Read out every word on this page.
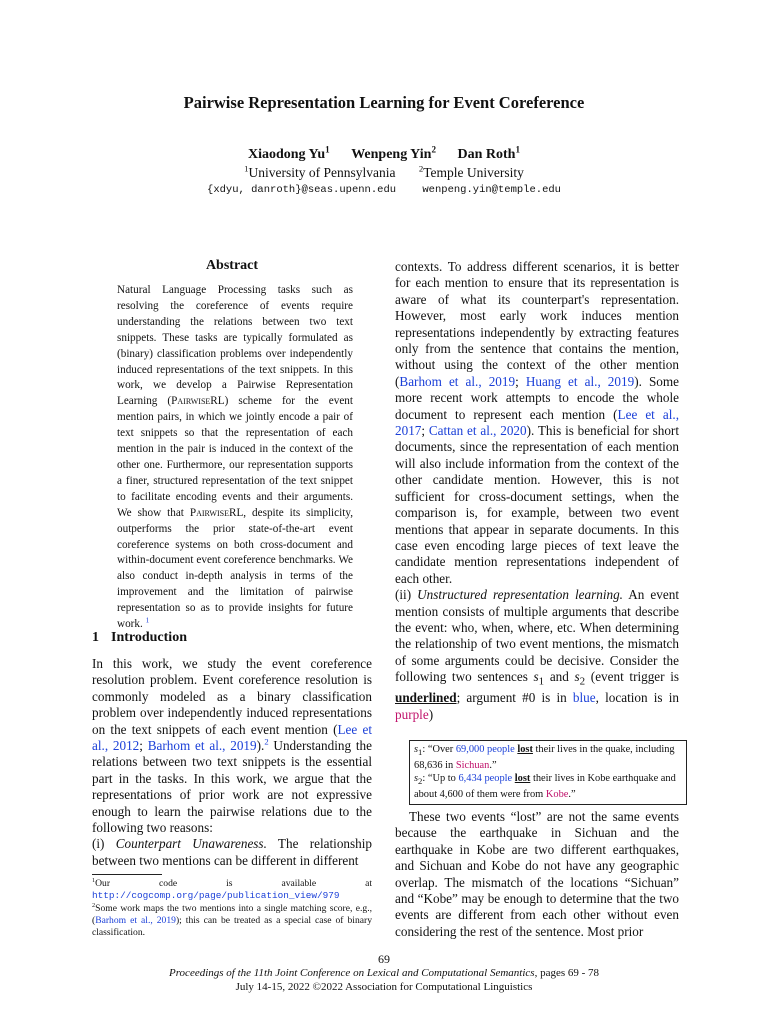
Pairwise Representation Learning for Event Coreference
Xiaodong Yu$^1$ Wenpeng Yin$^2$ Dan Roth$^1$
$^1$University of Pennsylvania	$^2$Temple University
{xdyu, danroth}@seas.upenn.edu	wenpeng.yin@temple.edu
Abstract
Natural Language Processing tasks such as resolving the coreference of events require understanding the relations between two text snippets. These tasks are typically formulated as (binary) classification problems over independently induced representations of the text snippets. In this work, we develop a Pairwise Representation Learning (PairwiseRL) scheme for the event mention pairs, in which we jointly encode a pair of text snippets so that the representation of each mention in the pair is induced in the context of the other one. Furthermore, our representation supports a finer, structured representation of the text snippet to facilitate encoding events and their arguments. We show that PairwiseRL, despite its simplicity, outperforms the prior state-of-the-art event coreference systems on both cross-document and within-document event coreference benchmarks. We also conduct in-depth analysis in terms of the improvement and the limitation of pairwise representation so as to provide insights for future work. $^1$
1 Introduction

In this work, we study the event coreference resolution problem. Event coreference resolution is commonly modeled as a binary classification problem over independently induced representations on the text snippets of each event mention (Lee et al., 2012; Barhom et al., 2019).$^2$ Understanding the relations between two text snippets is the essential part in the tasks. In this work, we argue that the representations of prior work are not expressive enough to learn the pairwise relations due to the following two reasons:

(i) Counterpart Unawareness. The relationship between two mentions can be different in different

$^1$Our code is available at http://cogcomp.org/page/publication_view/979

$^2$Some work maps the two mentions into a single matching score, e.g., (Barhom et al., 2019); this can be treated as a special case of binary classification.

contexts. To address different scenarios, it is better for each mention to ensure that its representation is aware of what its counterpart's representation. However, most early work induces mention representations independently by extracting features only from the sentence that contains the mention, without using the context of the other mention (Barhom et al., 2019; Huang et al., 2019). Some more recent work attempts to encode the whole document to represent each mention (Lee et al., 2017; Cattan et al., 2020). This is beneficial for short documents, since the representation of each mention will also include information from the context of the other candidate mention. However, this is not sufficient for cross-document settings, when the comparison is, for example, between two event mentions that appear in separate documents. In this case even encoding large pieces of text leave the candidate mention representations independent of each other.

(ii) Unstructured representation learning. An event mention consists of multiple arguments that describe the event: who, when, where, etc. When determining the relationship of two event mentions, the mismatch of some arguments could be decisive. Consider the following two sentences $s_1$ and $s_2$ (event trigger is underlined; argument #0 is in blue, location is in purple)

$s_1$: “Over 69,000 people lost their lives in the quake, including 68,636 in Sichuan.”

$s_2$: “Up to 6,434 people lost their lives in Kobe earthquake and about 4,600 of them were from Kobe.”

These two events “lost” are not the same events because the earthquake in Sichuan and the earthquake in Kobe are two different earthquakes, and Sichuan and Kobe do not have any geographic overlap. The mismatch of the locations “Sichuan” and “Kobe” may be enough to determine that the two events are different from each other without even considering the rest of the sentence. Most prior

69
Proceedings of the 11th Joint Conference on Lexical and Computational Semantics, pages 69 - 78
July 14-15, 2022 ©2022 Association for Computational Linguistics
